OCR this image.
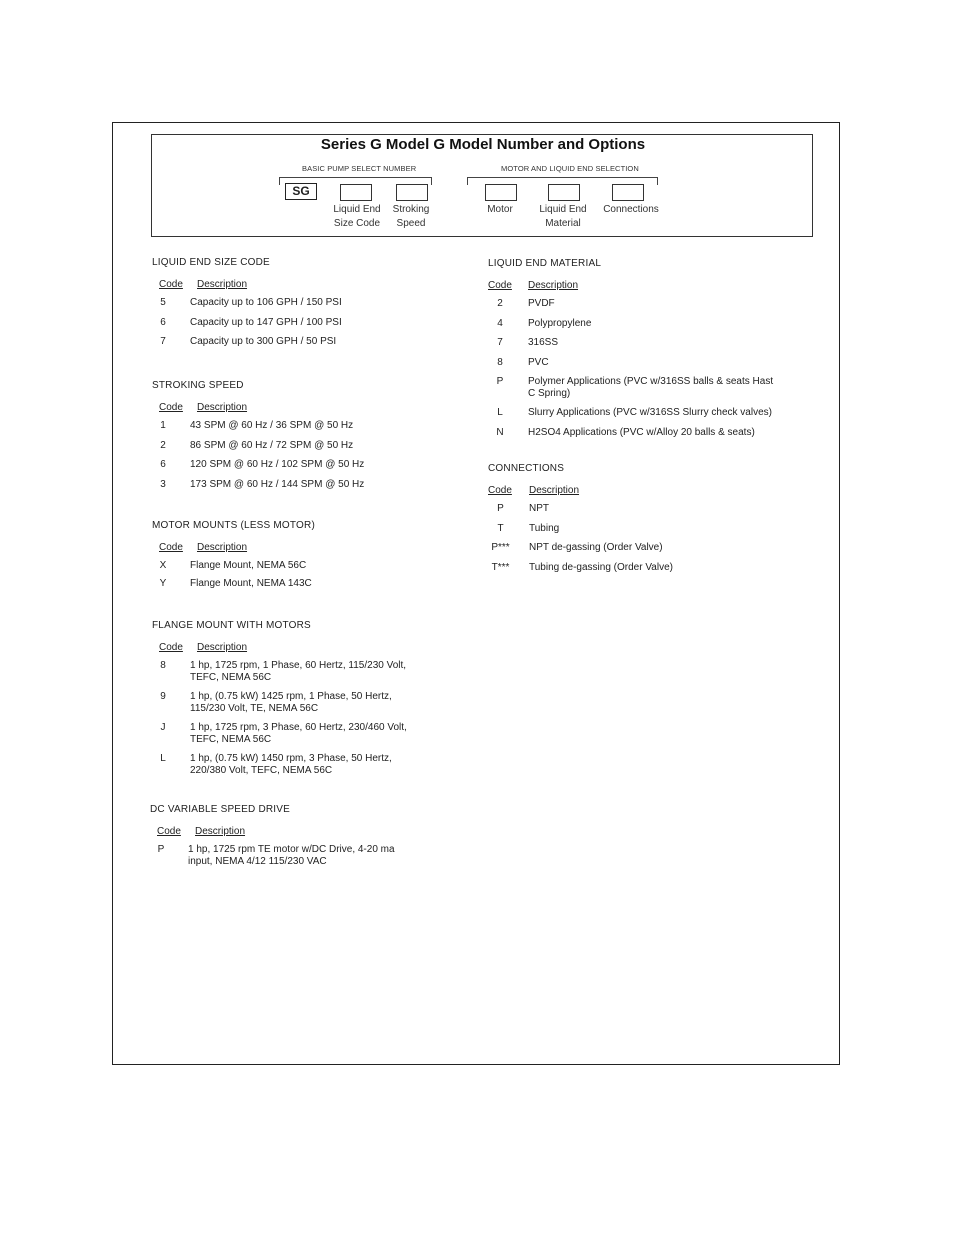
Series G Model G Model Number and Options
BASIC PUMP SELECT NUMBER	MOTOR AND LIQUID END SELECTION
SG
Liquid End
Size Code
Stroking
Speed
Motor	Liquid End
Material
Connections
LIQUID END SIZE CODE
Code	Description
5	Capacity up to 106 GPH / 150 PSI
6	Capacity up to 147 GPH / 100 PSI
7	Capacity up to 300 GPH / 50 PSI
STROKING SPEED
Code	Description
1	43 SPM @ 60 Hz / 36 SPM @ 50 Hz
2	86 SPM @ 60 Hz / 72 SPM @ 50 Hz
6	120 SPM @ 60 Hz / 102 SPM @ 50 Hz
3	173 SPM @ 60 Hz / 144 SPM @ 50 Hz
MOTOR MOUNTS (LESS MOTOR)
Code	Description
X	Flange Mount, NEMA 56C
Y	Flange Mount, NEMA 143C
FLANGE MOUNT WITH MOTORS
Code	Description
8	1 hp, 1725 rpm, 1 Phase, 60 Hertz, 115/230 Volt,
TEFC, NEMA 56C
9	1 hp, (0.75 kW) 1425 rpm, 1 Phase, 50 Hertz,
115/230 Volt, TE, NEMA 56C
J	1 hp, 1725 rpm, 3 Phase, 60 Hertz, 230/460 Volt,
TEFC, NEMA 56C
L	1 hp, (0.75 kW) 1450 rpm, 3 Phase, 50 Hertz,
220/380 Volt, TEFC, NEMA 56C
DC VARIABLE SPEED DRIVE
Code	Description
P	1 hp, 1725 rpm TE motor w/DC Drive, 4-20 ma
input, NEMA 4/12 115/230 VAC
LIQUID END MATERIAL
Code	Description
2	PVDF
4	Polypropylene
7	316SS
8	PVC
P	Polymer Applications (PVC w/316SS balls & seats Hast
C Spring)
L	Slurry Applications (PVC w/316SS Slurry check valves)
N	H2SO4 Applications (PVC w/Alloy 20 balls & seats)
CONNECTIONS
Code	Description
P	NPT
T	Tubing
P***	NPT de-gassing (Order Valve)
T***	Tubing de-gassing (Order Valve)
